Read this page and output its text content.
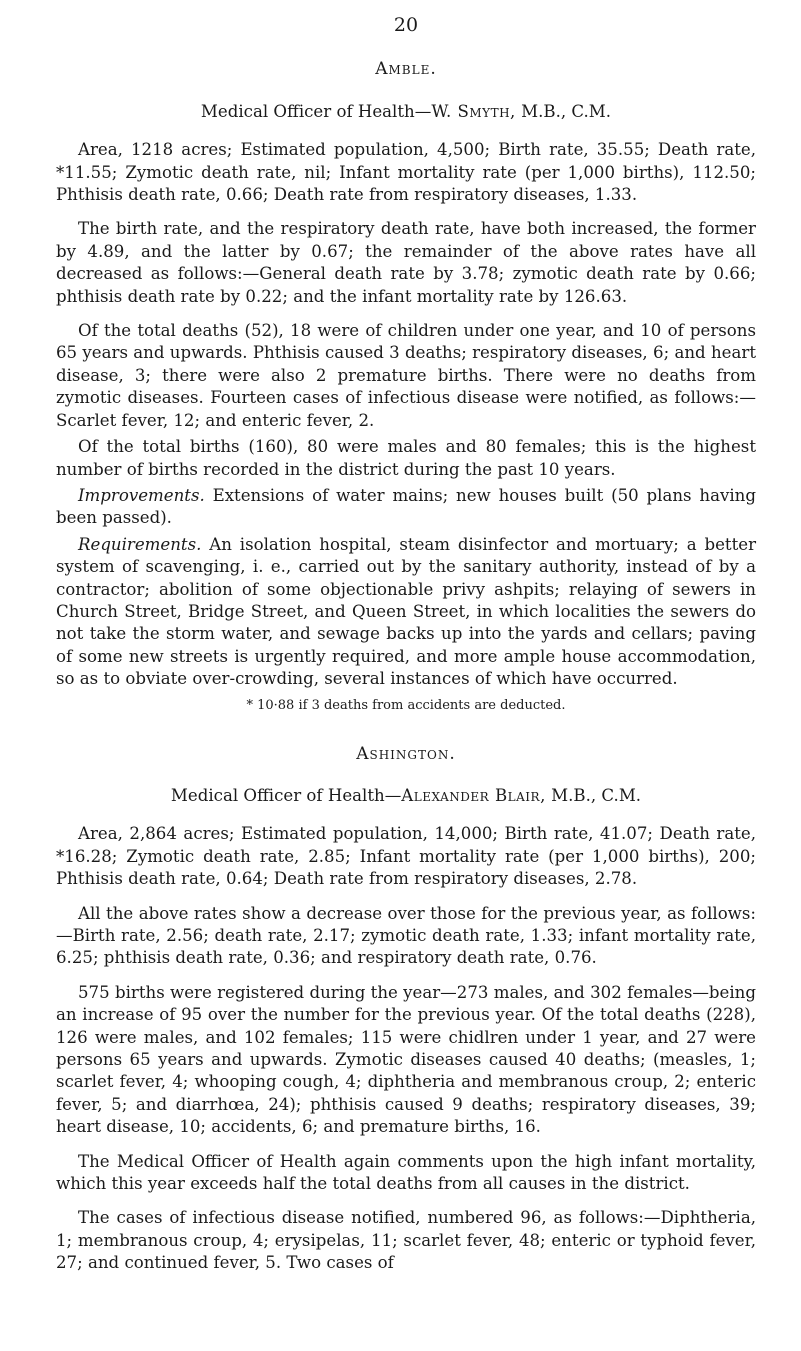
20
Amble.
Medical Officer of Health—W. Smyth, M.B., C.M.

Area, 1218 acres; Estimated population, 4,500; Birth rate, 35.55; Death rate, *11.55; Zymotic death rate, nil; Infant mortality rate (per 1,000 births), 112.50; Phthisis death rate, 0.66; Death rate from respiratory diseases, 1.33.

The birth rate, and the respiratory death rate, have both increased, the former by 4.89, and the latter by 0.67; the remainder of the above rates have all decreased as follows:—General death rate by 3.78; zymotic death rate by 0.66; phthisis death rate by 0.22; and the infant mortality rate by 126.63.

Of the total deaths (52), 18 were of children under one year, and 10 of persons 65 years and upwards. Phthisis caused 3 deaths; respiratory diseases, 6; and heart disease, 3; there were also 2 premature births. There were no deaths from zymotic diseases. Fourteen cases of infectious disease were notified, as follows:—Scarlet fever, 12; and enteric fever, 2.

Of the total births (160), 80 were males and 80 females; this is the highest number of births recorded in the district during the past 10 years.

Improvements. Extensions of water mains; new houses built (50 plans having been passed).

Requirements. An isolation hospital, steam disinfector and mortuary; a better system of scavenging, i. e., carried out by the sanitary authority, instead of by a contractor; abolition of some objectionable privy ashpits; relaying of sewers in Church Street, Bridge Street, and Queen Street, in which localities the sewers do not take the storm water, and sewage backs up into the yards and cellars; paving of some new streets is urgently required, and more ample house accommodation, so as to obviate over-crowding, several instances of which have occurred.

* 10·88 if 3 deaths from accidents are deducted.
Ashington.
Medical Officer of Health—Alexander Blair, M.B., C.M.

Area, 2,864 acres; Estimated population, 14,000; Birth rate, 41.07; Death rate, *16.28; Zymotic death rate, 2.85; Infant mortality rate (per 1,000 births), 200; Phthisis death rate, 0.64; Death rate from respiratory diseases, 2.78.

All the above rates show a decrease over those for the previous year, as follows:—Birth rate, 2.56; death rate, 2.17; zymotic death rate, 1.33; infant mortality rate, 6.25; phthisis death rate, 0.36; and respiratory death rate, 0.76.

575 births were registered during the year—273 males, and 302 females—being an increase of 95 over the number for the previous year. Of the total deaths (228), 126 were males, and 102 females; 115 were chidlren under 1 year, and 27 were persons 65 years and upwards. Zymotic diseases caused 40 deaths; (measles, 1; scarlet fever, 4; whooping cough, 4; diphtheria and membranous croup, 2; enteric fever, 5; and diarrhœa, 24); phthisis caused 9 deaths; respiratory diseases, 39; heart disease, 10; accidents, 6; and premature births, 16.

The Medical Officer of Health again comments upon the high infant mortality, which this year exceeds half the total deaths from all causes in the district.

The cases of infectious disease notified, numbered 96, as follows:—Diphtheria, 1; membranous croup, 4; erysipelas, 11; scarlet fever, 48; enteric or typhoid fever, 27; and continued fever, 5. Two cases of
